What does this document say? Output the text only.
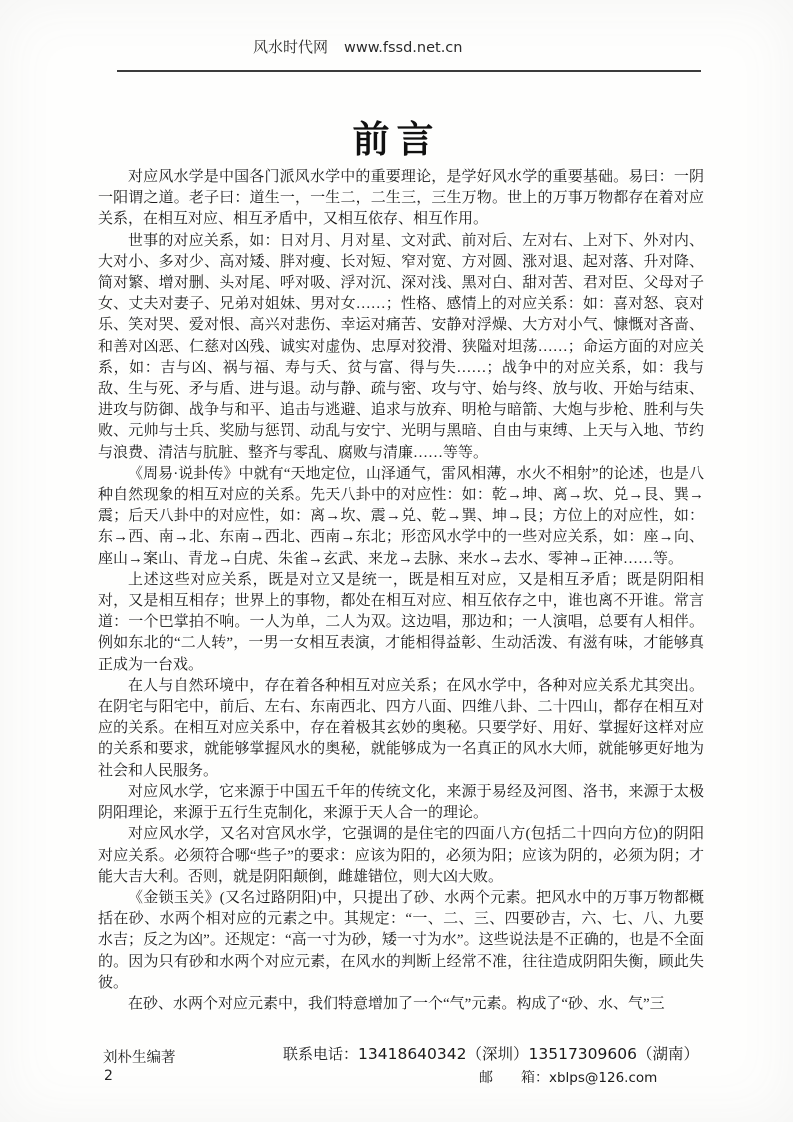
风水时代网 www.fssd.net.cn
前言

对应风水学是中国各门派风水学中的重要理论，是学好风水学的重要基础。易曰：一阴一阳谓之道。老子曰：道生一，一生二，二生三，三生万物。世上的万事万物都存在着对应关系，在相互对应、相互矛盾中，又相互依存、相互作用。

世事的对应关系，如：日对月、月对星、文对武、前对后、左对右、上对下、外对内、大对小、多对少、高对矮、胖对瘦、长对短、窄对宽、方对圆、涨对退、起对落、升对降、简对繁、增对删、头对尾、呼对吸、浮对沉、深对浅、黑对白、甜对苦、君对臣、父母对子女、丈夫对妻子、兄弟对姐妹、男对女……；性格、感情上的对应关系：如：喜对怒、哀对乐、笑对哭、爱对恨、高兴对悲伤、幸运对痛苦、安静对浮燥、大方对小气、慷慨对吝啬、和善对凶恶、仁慈对凶残、诚实对虚伪、忠厚对狡滑、狭隘对坦荡……；命运方面的对应关系，如：吉与凶、祸与福、寿与夭、贫与富、得与失……；战争中的对应关系，如：我与敌、生与死、矛与盾、进与退。动与静、疏与密、攻与守、始与终、放与收、开始与结束、进攻与防御、战争与和平、追击与逃避、追求与放弃、明枪与暗箭、大炮与步枪、胜利与失败、元帅与士兵、奖励与惩罚、动乱与安宁、光明与黑暗、自由与束缚、上天与入地、节约与浪费、清洁与肮脏、整齐与零乱、腐败与清廉……等等。

《周易·说卦传》中就有“天地定位，山泽通气，雷风相薄，水火不相射”的论述，也是八种自然现象的相互对应的关系。先天八卦中的对应性：如：乾→坤、离→坎、兑→艮、巽→震；后天八卦中的对应性，如：离→坎、震→兑、乾→巽、坤→艮；方位上的对应性，如：东→西、南→北、东南→西北、西南→东北；形峦风水学中的一些对应关系，如：座→向、座山→案山、青龙→白虎、朱雀→玄武、来龙→去脉、来水→去水、零神→正神……等。

上述这些对应关系，既是对立又是统一，既是相互对应，又是相互矛盾；既是阴阳相对，又是相互相存；世界上的事物，都处在相互对应、相互依存之中，谁也离不开谁。常言道：一个巴掌拍不响。一人为单，二人为双。这边唱，那边和；一人演唱，总要有人相伴。例如东北的“二人转”，一男一女相互表演，才能相得益彰、生动活泼、有滋有味，才能够真正成为一台戏。

在人与自然环境中，存在着各种相互对应关系；在风水学中，各种对应关系尤其突出。在阴宅与阳宅中，前后、左右、东南西北、四方八面、四维八卦、二十四山，都存在相互对应的关系。在相互对应关系中，存在着极其玄妙的奥秘。只要学好、用好、掌握好这样对应的关系和要求，就能够掌握风水的奥秘，就能够成为一名真正的风水大师，就能够更好地为社会和人民服务。

对应风水学，它来源于中国五千年的传统文化，来源于易经及河图、洛书，来源于太极阴阳理论，来源于五行生克制化，来源于天人合一的理论。

对应风水学，又名对宫风水学，它强调的是住宅的四面八方(包括二十四向方位)的阴阳对应关系。必须符合哪“些子”的要求：应该为阳的，必须为阳；应该为阴的，必须为阴；才能大吉大利。否则，就是阴阳颠倒，雌雄错位，则大凶大败。

《金锁玉关》(又名过路阴阳)中，只提出了砂、水两个元素。把风水中的万事万物都概括在砂、水两个相对应的元素之中。其规定：“一、二、三、四要砂吉，六、七、八、九要水吉；反之为凶”。还规定：“高一寸为砂，矮一寸为水”。这些说法是不正确的，也是不全面的。因为只有砂和水两个对应元素，在风水的判断上经常不准，往往造成阴阳失衡，顾此失彼。

在砂、水两个对应元素中，我们特意增加了一个“气”元素。构成了“砂、水、气”三

刘朴生编著
2
联系电话：13418640342（深圳）13517309606（湖南）
邮　　箱：xblps@126.com
